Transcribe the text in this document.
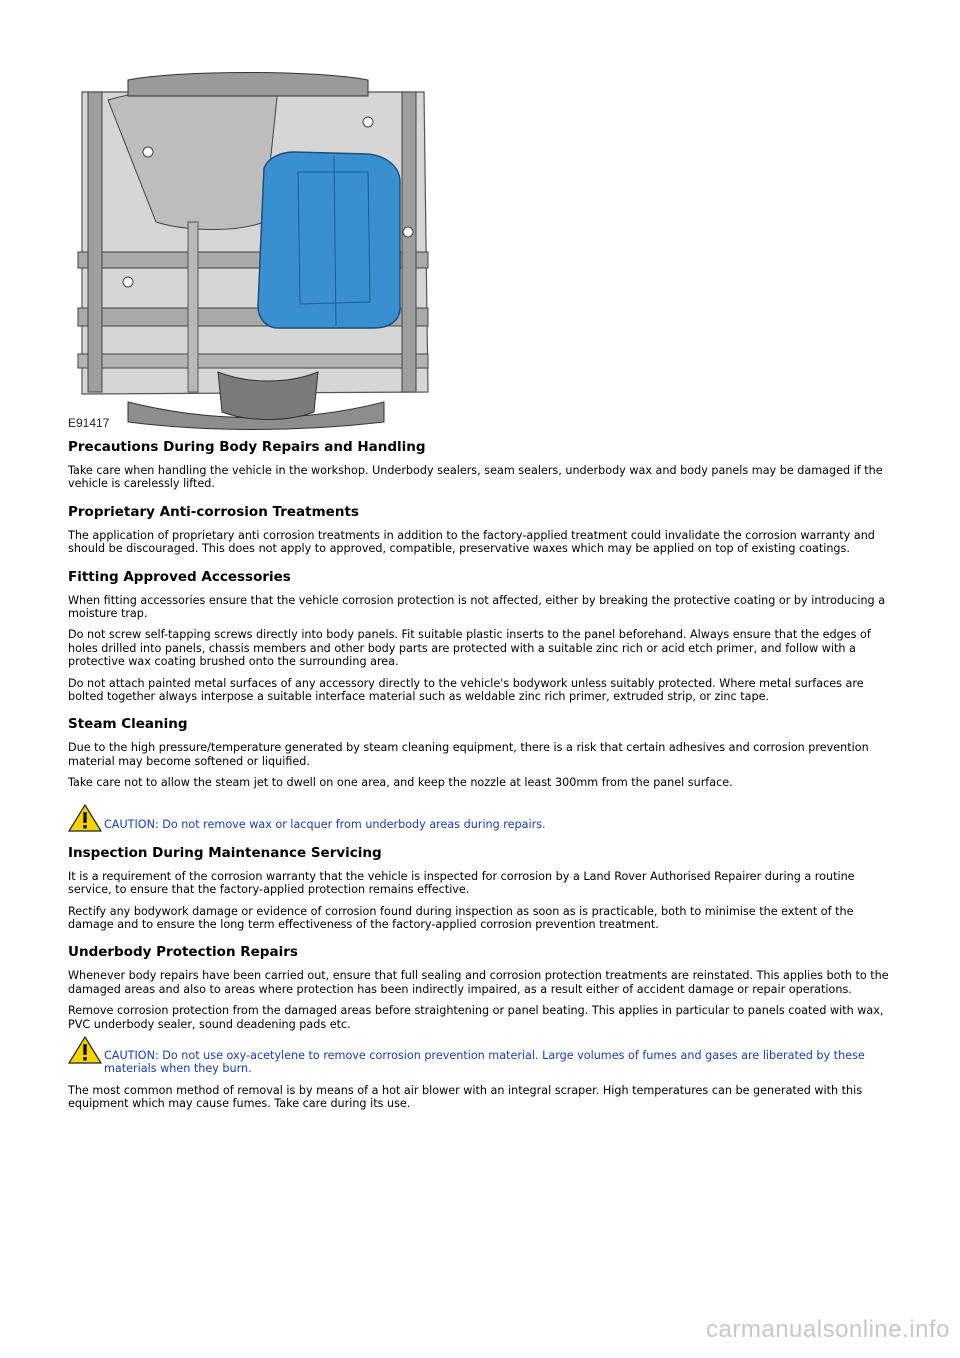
E91417
Precautions During Body Repairs and Handling

Take care when handling the vehicle in the workshop. Underbody sealers, seam sealers, underbody wax and body panels may be damaged if the vehicle is carelessly lifted.

Proprietary Anti-corrosion Treatments

The application of proprietary anti corrosion treatments in addition to the factory-applied treatment could invalidate the corrosion warranty and should be discouraged. This does not apply to approved, compatible, preservative waxes which may be applied on top of existing coatings.

Fitting Approved Accessories

When fitting accessories ensure that the vehicle corrosion protection is not affected, either by breaking the protective coating or by introducing a moisture trap.

Do not screw self-tapping screws directly into body panels. Fit suitable plastic inserts to the panel beforehand. Always ensure that the edges of holes drilled into panels, chassis members and other body parts are protected with a suitable zinc rich or acid etch primer, and follow with a protective wax coating brushed onto the surrounding area.

Do not attach painted metal surfaces of any accessory directly to the vehicle's bodywork unless suitably protected. Where metal surfaces are bolted together always interpose a suitable interface material such as weldable zinc rich primer, extruded strip, or zinc tape.

Steam Cleaning

Due to the high pressure/temperature generated by steam cleaning equipment, there is a risk that certain adhesives and corrosion prevention material may become softened or liquified.

Take care not to allow the steam jet to dwell on one area, and keep the nozzle at least 300mm from the panel surface.

CAUTION: Do not remove wax or lacquer from underbody areas during repairs.
Inspection During Maintenance Servicing

It is a requirement of the corrosion warranty that the vehicle is inspected for corrosion by a Land Rover Authorised Repairer during a routine service, to ensure that the factory-applied protection remains effective.

Rectify any bodywork damage or evidence of corrosion found during inspection as soon as is practicable, both to minimise the extent of the damage and to ensure the long term effectiveness of the factory-applied corrosion prevention treatment.

Underbody Protection Repairs

Whenever body repairs have been carried out, ensure that full sealing and corrosion protection treatments are reinstated. This applies both to the damaged areas and also to areas where protection has been indirectly impaired, as a result either of accident damage or repair operations.

Remove corrosion protection from the damaged areas before straightening or panel beating. This applies in particular to panels coated with wax, PVC underbody sealer, sound deadening pads etc.

CAUTION: Do not use oxy-acetylene to remove corrosion prevention material. Large volumes of fumes and gases are liberated by these materials when they burn.

The most common method of removal is by means of a hot air blower with an integral scraper. High temperatures can be generated with this equipment which may cause fumes. Take care during its use.

carmanualsonline.info
